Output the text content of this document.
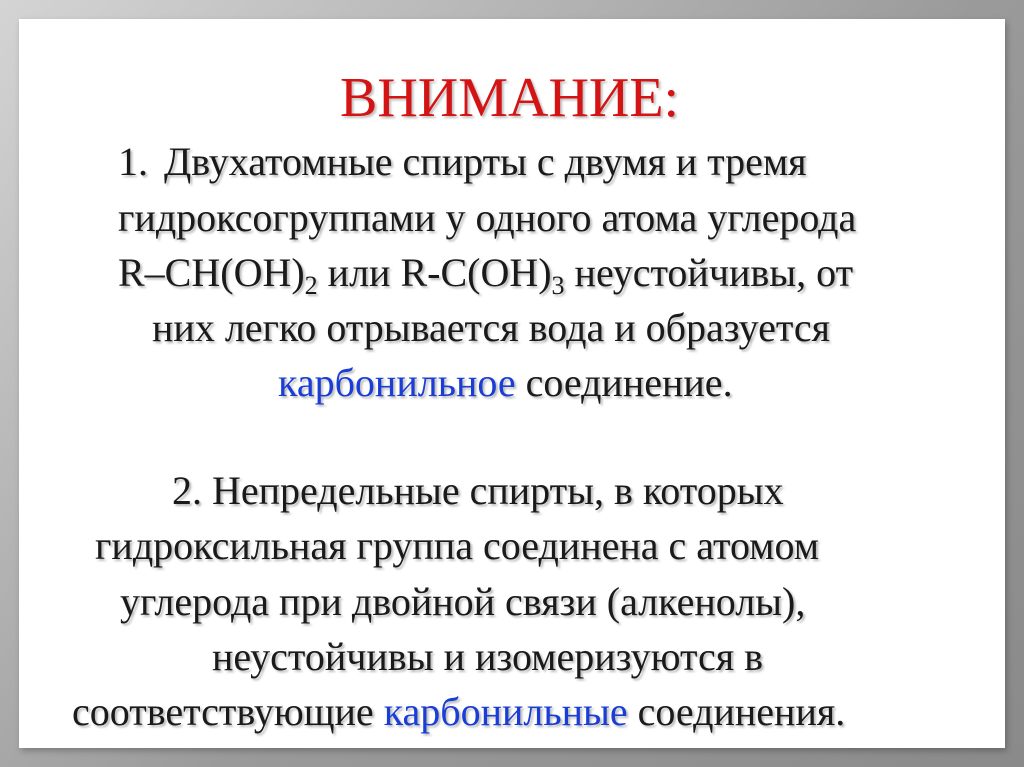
ВНИМАНИЕ:
1. Двухатомные спирты с двумя и тремя
гидроксогруппами у одного атома углерода
$R-CH(OH)_2$ или $R-C(OH)_3$ неустойчивы, от
них легко отрывается вода и образуется
карбонильное соединение.
2. Непредельные спирты, в которых
гидроксильная группа соединена с атомом
углерода при двойной связи (алкенолы),
неустойчивы и изомеризуются в
соответствующие карбонильные соединения.
